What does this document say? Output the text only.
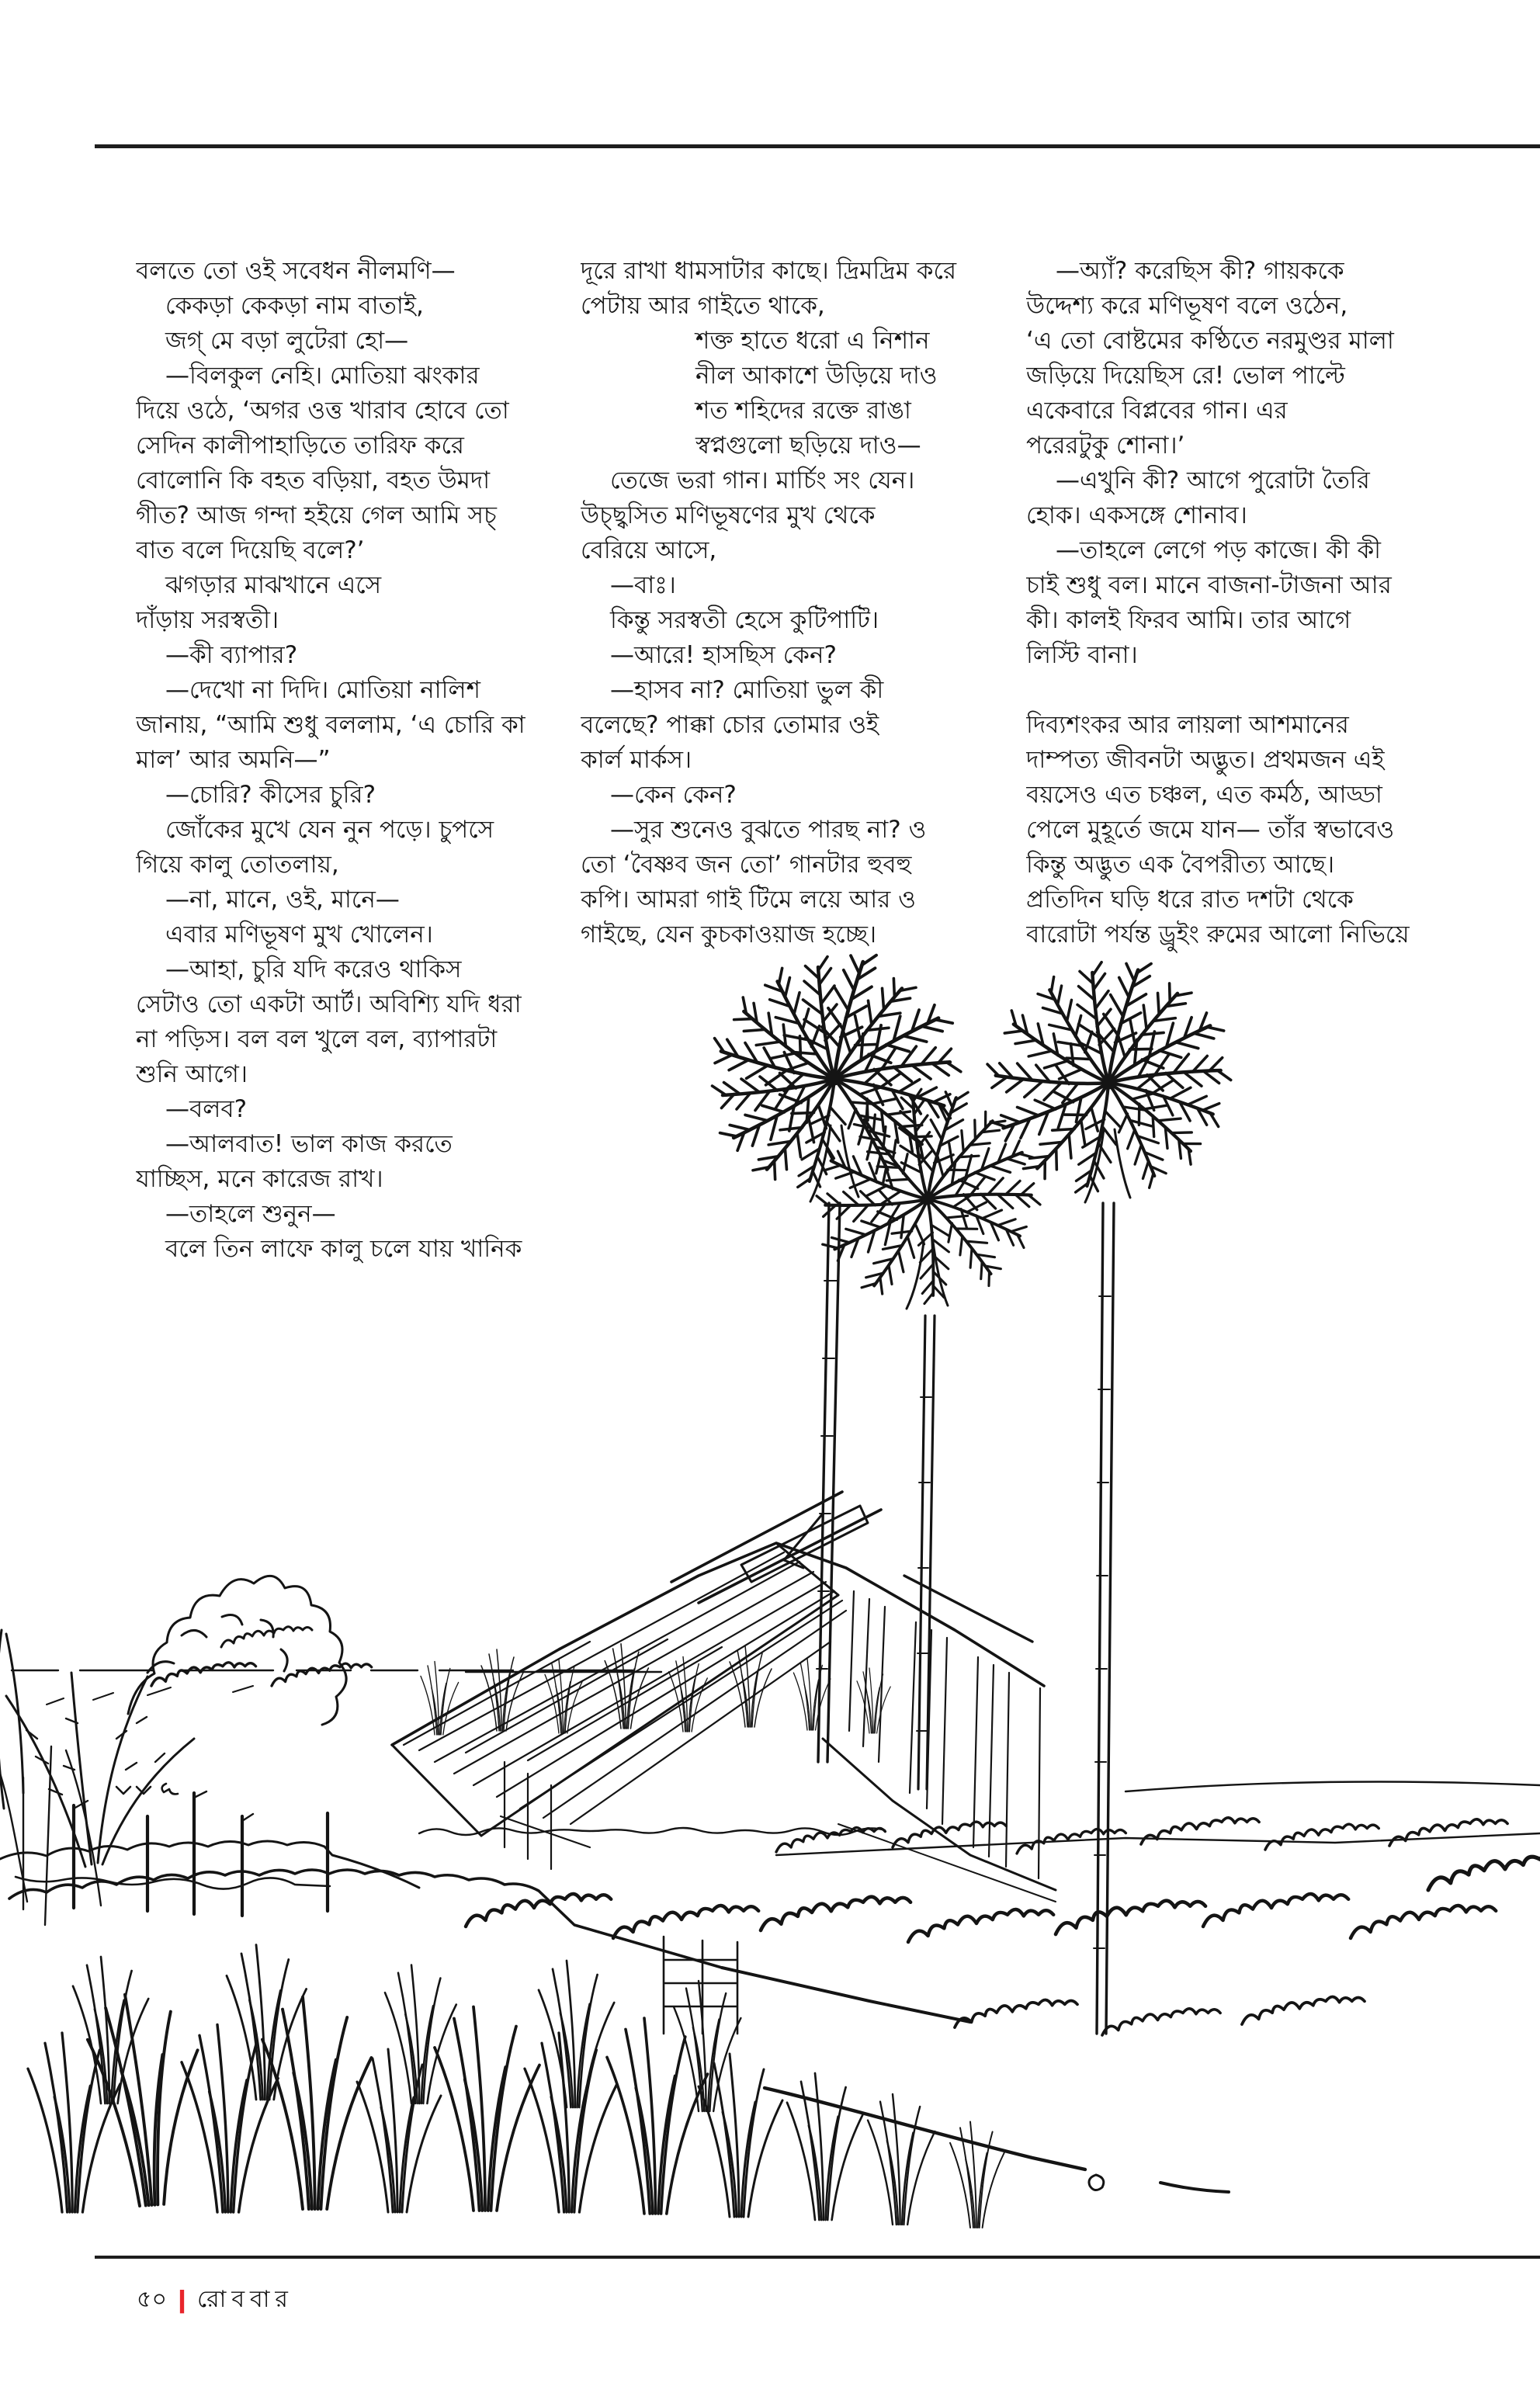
বলতে তো ওই সবেধন নীলমণি—
কেকড়া কেকড়া নাম বাতাই,
জগ্‌ মে বড়া লুটেরা হো—
—বিলকুল নেহি। মোতিয়া ঝংকার
দিয়ে ওঠে, ‘অগর ওত্ত খারাব হোবে তো
সেদিন কালীপাহাড়িতে তারিফ করে
বোলোনি কি বহত বড়িয়া, বহত উমদা
গীত? আজ গন্দা হইয়ে গেল আমি সচ্
বাত বলে দিয়েছি বলে?’
ঝগড়ার মাঝখানে এসে
দাঁড়ায় সরস্বতী।
—কী ব্যাপার?
—দেখো না দিদি। মোতিয়া নালিশ
জানায়, “আমি শুধু বললাম, ‘এ চোরি কা
মাল’ আর অমনি—”
—চোরি? কীসের চুরি?
জোঁকের মুখে যেন নুন পড়ে। চুপসে
গিয়ে কালু তোতলায়,
—না, মানে, ওই, মানে—
এবার মণিভূষণ মুখ খোলেন।
—আহা, চুরি যদি করেও থাকিস
সেটাও তো একটা আর্ট। অবিশ্যি যদি ধরা
না পড়িস। বল বল খুলে বল, ব্যাপারটা
শুনি আগে।
—বলব?
—আলবাত! ভাল কাজ করতে
যাচ্ছিস, মনে কারেজ রাখ।
—তাহলে শুনুন—
বলে তিন লাফে কালু চলে যায় খানিক
দূরে রাখা ধামসাটার কাছে। দ্রিমদ্রিম করে
পেটায় আর গাইতে থাকে,
শক্ত হাতে ধরো এ নিশান
নীল আকাশে উড়িয়ে দাও
শত শহিদের রক্তে রাঙা
স্বপ্নগুলো ছড়িয়ে দাও—
তেজে ভরা গান। মার্চিং সং যেন।
উচ্ছ্বসিত মণিভূষণের মুখ থেকে
বেরিয়ে আসে,
—বাঃ।
কিন্তু সরস্বতী হেসে কুটিপাটি।
—আরে! হাসছিস কেন?
—হাসব না? মোতিয়া ভুল কী
বলেছে? পাক্কা চোর তোমার ওই
কার্ল মার্কস।
—কেন কেন?
—সুর শুনেও বুঝতে পারছ না? ও
তো ‘বৈষ্ণব জন তো’ গানটার হুবহু
কপি। আমরা গাই টিমে লয়ে আর ও
গাইছে, যেন কুচকাওয়াজ হচ্ছে।
—অ্যাঁ? করেছিস কী? গায়ককে
উদ্দেশ্য করে মণিভূষণ বলে ওঠেন,
‘এ তো বোষ্টমের কণ্ঠিতে নরমুণ্ডর মালা
জড়িয়ে দিয়েছিস রে! ভোল পাল্টে
একেবারে বিপ্লবের গান। এর
পরেরটুকু শোনা।’
—এখুনি কী? আগে পুরোটা তৈরি
হোক। একসঙ্গে শোনাব।
—তাহলে লেগে পড় কাজে। কী কী
চাই শুধু বল। মানে বাজনা-টাজনা আর
কী। কালই ফিরব আমি। তার আগে
লিস্টি বানা।

দিব্যশংকর আর লায়লা আশমানের
দাম্পত্য জীবনটা অদ্ভুত। প্রথমজন এই
বয়সেও এত চঞ্চল, এত কর্মঠ, আড্ডা
পেলে মুহূর্তে জমে যান— তাঁর স্বভাবেও
কিন্তু অদ্ভুত এক বৈপরীত্য আছে।
প্রতিদিন ঘড়ি ধরে রাত দশটা থেকে
বারোটা পর্যন্ত ড্রুইং রুমের আলো নিভিয়ে
৫০ | রোববার
